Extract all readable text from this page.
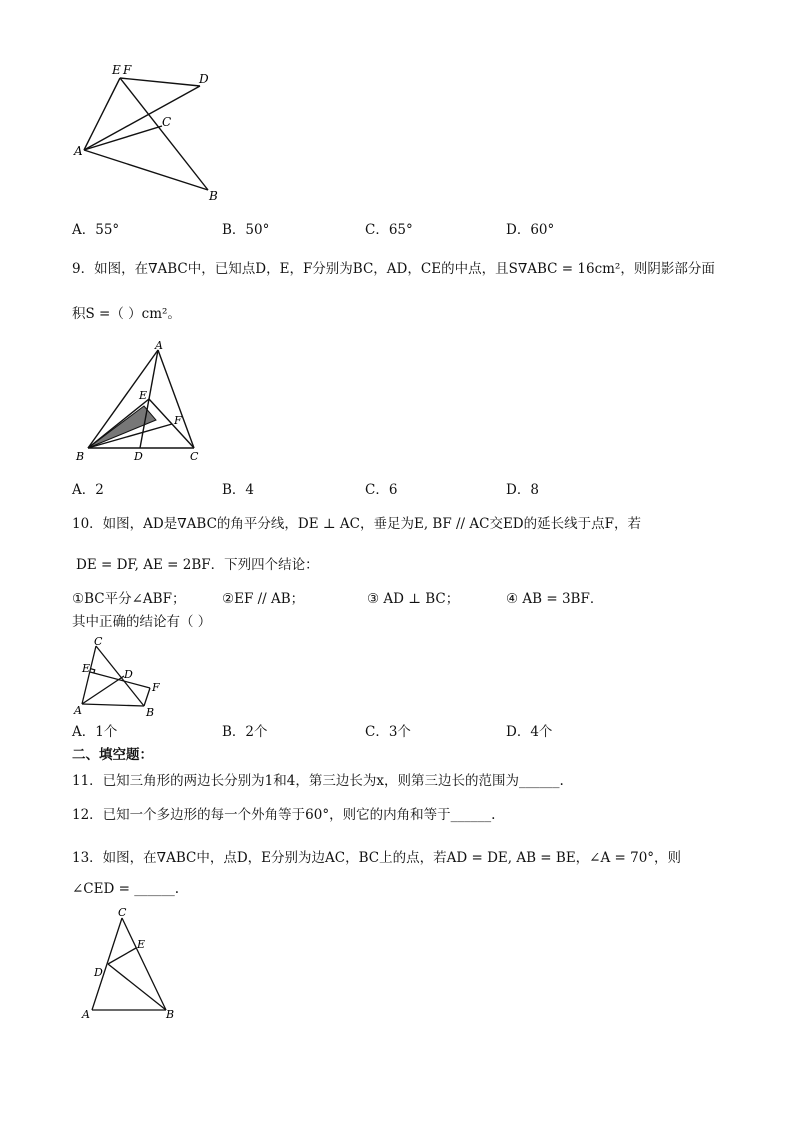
E F
D
C
A
B
A．55°	B．50°	C．65°	D．60°
9．如图，在∇ABC中，已知点D，E，F分别为BC，AD，CE的中点，且S∇ABC = 16cm²，则阴影部分面
积S =（ ）cm²。
A
E
F
B	D	C
A．2	B．4	C．6	D．8
10．如图，AD是∇ABC的角平分线，DE ⊥ AC，垂足为E, BF // AC交ED的延长线于点F，若
DE = DF, AE = 2BF．下列四个结论：
①BC平分∠ABF；	②EF // AB；	③ AD ⊥ BC；	④ AB = 3BF．
其中正确的结论有（ ）
C
E	D
F
A	B
A．1个	B．2个	C．3个	D．4个
二、填空题：
11．已知三角形的两边长分别为1和4，第三边长为x，则第三边长的范围为______.
12．已知一个多边形的每一个外角等于60°，则它的内角和等于______.
13．如图，在∇ABC中，点D，E分别为边AC，BC上的点，若AD = DE, AB = BE，∠A = 70°，则
∠CED = ______.
C
E
D
A	B
